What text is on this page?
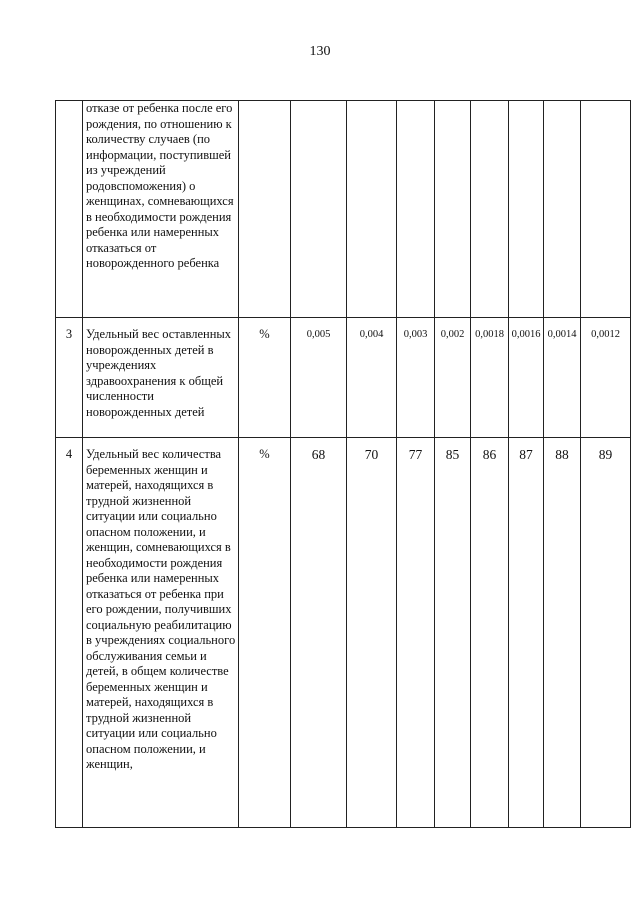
130
	отказе от ребенка после его рождения, по отношению к количеству случаев (по информации, поступившей из учреждений родовспоможения) о женщинах, сомневающихся в необходимости рождения ребенка или намеренных отказаться от новорожденного ребенка										
3	Удельный вес оставленных новорожденных детей в учреждениях здравоохранения к общей численности новорожденных детей	%	0,005	0,004	0,003	0,002	0,0018	0,0016	0,0014	0,0012	
4	Удельный вес количества беременных женщин и матерей, находящихся в трудной жизненной ситуации или социально опасном положении, и женщин, сомневающихся в необходимости рождения ребенка или намеренных отказаться от ребенка при его рождении, получивших социальную реабилитацию в учреждениях социального обслуживания семьи и детей, в общем количестве беременных женщин и матерей, находящихся в трудной жизненной ситуации или социально опасном положении, и женщин,	%	68	70	77	85	86	87	88	89	
